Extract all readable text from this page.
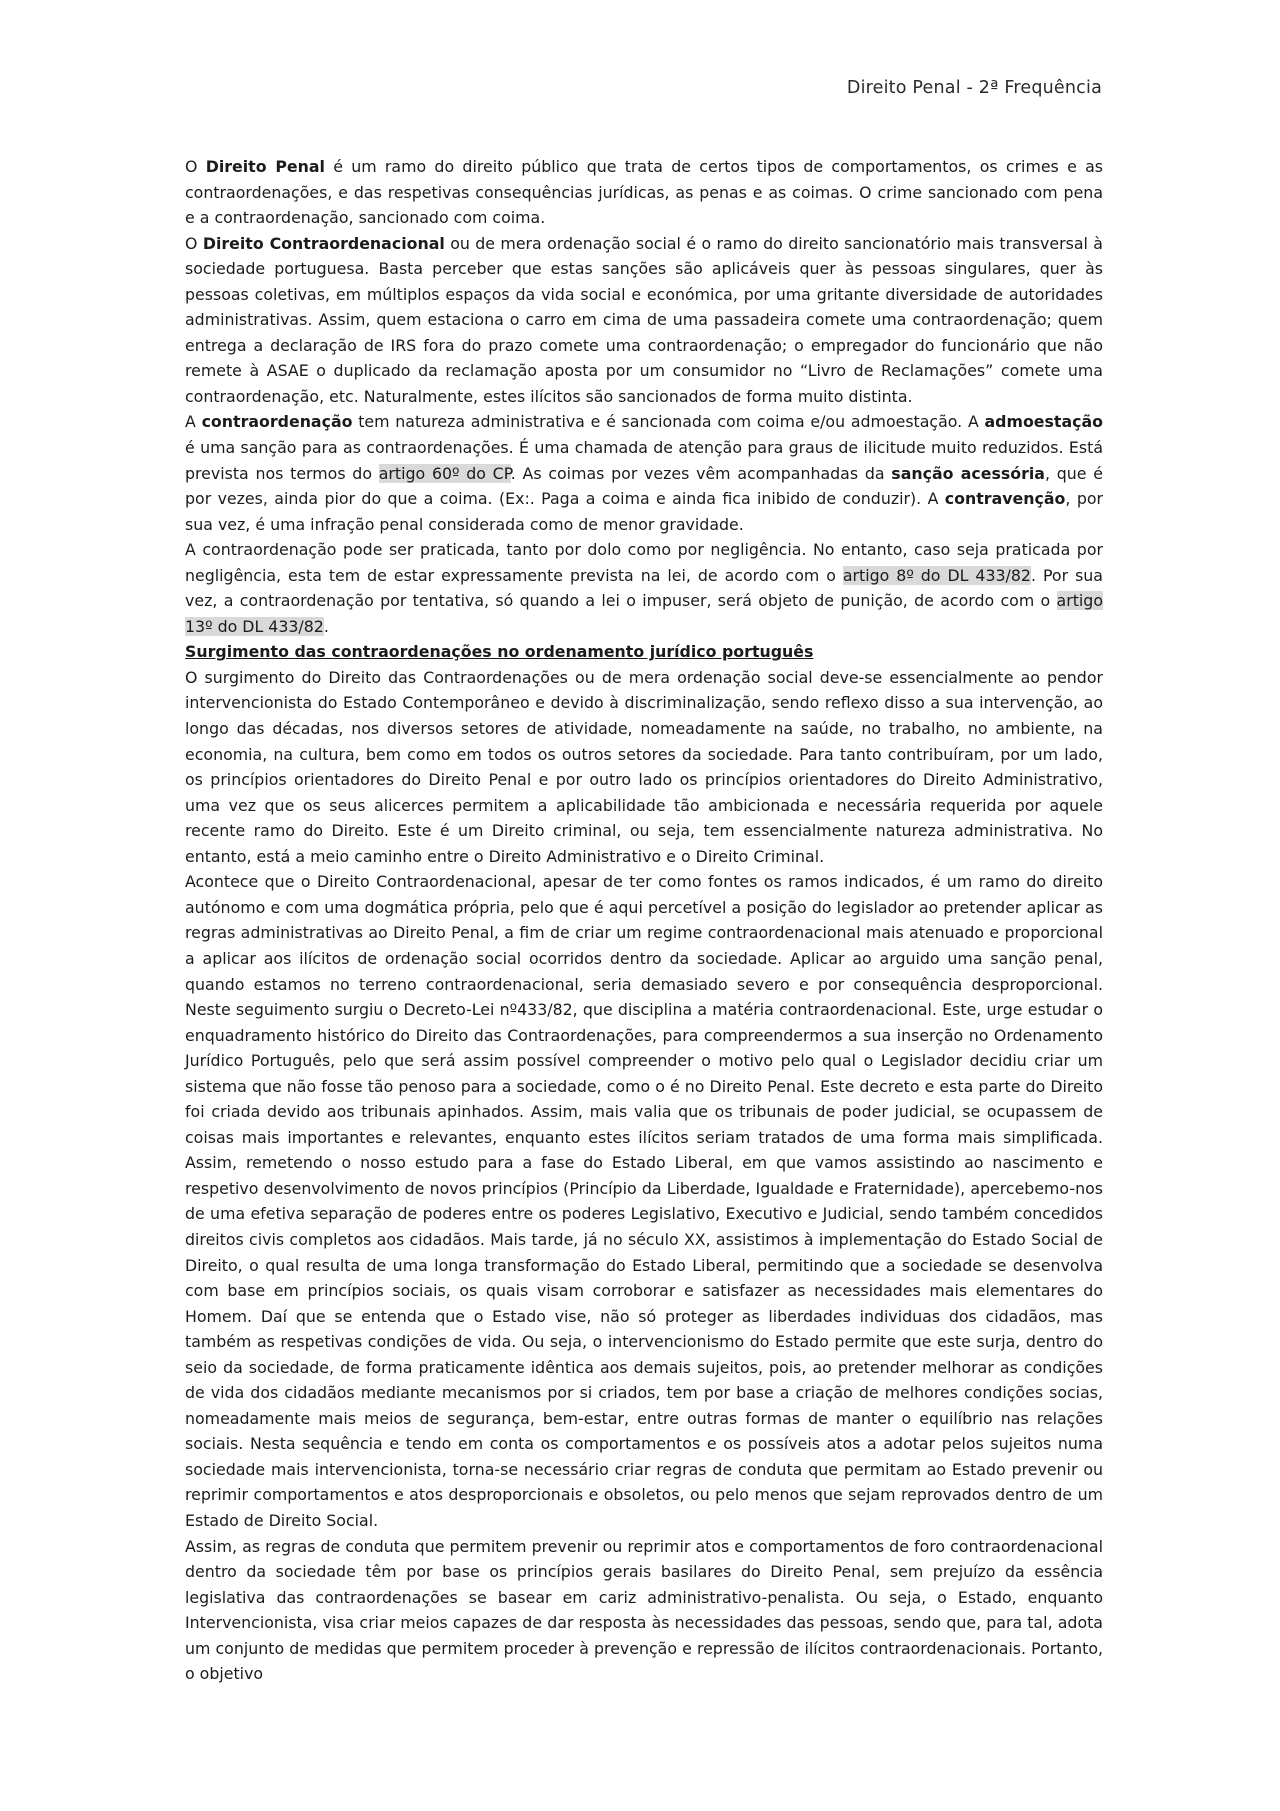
Direito Penal - 2ª Frequência

O Direito Penal é um ramo do direito público que trata de certos tipos de comportamentos, os crimes e as contraordenações, e das respetivas consequências jurídicas, as penas e as coimas. O crime sancionado com pena e a contraordenação, sancionado com coima.

O Direito Contraordenacional ou de mera ordenação social é o ramo do direito sancionatório mais transversal à sociedade portuguesa. Basta perceber que estas sanções são aplicáveis quer às pessoas singulares, quer às pessoas coletivas, em múltiplos espaços da vida social e económica, por uma gritante diversidade de autoridades administrativas. Assim, quem estaciona o carro em cima de uma passadeira comete uma contraordenação; quem entrega a declaração de IRS fora do prazo comete uma contraordenação; o empregador do funcionário que não remete à ASAE o duplicado da reclamação aposta por um consumidor no “Livro de Reclamações” comete uma contraordenação, etc. Naturalmente, estes ilícitos são sancionados de forma muito distinta.

A contraordenação tem natureza administrativa e é sancionada com coima e/ou admoestação. A admoestação é uma sanção para as contraordenações. É uma chamada de atenção para graus de ilicitude muito reduzidos. Está prevista nos termos do artigo 60º do CP. As coimas por vezes vêm acompanhadas da sanção acessória, que é por vezes, ainda pior do que a coima. (Ex:. Paga a coima e ainda fica inibido de conduzir). A contravenção, por sua vez, é uma infração penal considerada como de menor gravidade.

A contraordenação pode ser praticada, tanto por dolo como por negligência. No entanto, caso seja praticada por negligência, esta tem de estar expressamente prevista na lei, de acordo com o artigo 8º do DL 433/82. Por sua vez, a contraordenação por tentativa, só quando a lei o impuser, será objeto de punição, de acordo com o artigo 13º do DL 433/82.

Surgimento das contraordenações no ordenamento jurídico português

O surgimento do Direito das Contraordenações ou de mera ordenação social deve-se essencialmente ao pendor intervencionista do Estado Contemporâneo e devido à discriminalização, sendo reflexo disso a sua intervenção, ao longo das décadas, nos diversos setores de atividade, nomeadamente na saúde, no trabalho, no ambiente, na economia, na cultura, bem como em todos os outros setores da sociedade. Para tanto contribuíram, por um lado, os princípios orientadores do Direito Penal e por outro lado os princípios orientadores do Direito Administrativo, uma vez que os seus alicerces permitem a aplicabilidade tão ambicionada e necessária requerida por aquele recente ramo do Direito. Este é um Direito criminal, ou seja, tem essencialmente natureza administrativa. No entanto, está a meio caminho entre o Direito Administrativo e o Direito Criminal.

Acontece que o Direito Contraordenacional, apesar de ter como fontes os ramos indicados, é um ramo do direito autónomo e com uma dogmática própria, pelo que é aqui percetível a posição do legislador ao pretender aplicar as regras administrativas ao Direito Penal, a fim de criar um regime contraordenacional mais atenuado e proporcional a aplicar aos ilícitos de ordenação social ocorridos dentro da sociedade. Aplicar ao arguido uma sanção penal, quando estamos no terreno contraordenacional, seria demasiado severo e por consequência desproporcional. Neste seguimento surgiu o Decreto-Lei nº433/82, que disciplina a matéria contraordenacional. Este, urge estudar o enquadramento histórico do Direito das Contraordenações, para compreendermos a sua inserção no Ordenamento Jurídico Português, pelo que será assim possível compreender o motivo pelo qual o Legislador decidiu criar um sistema que não fosse tão penoso para a sociedade, como o é no Direito Penal. Este decreto e esta parte do Direito foi criada devido aos tribunais apinhados. Assim, mais valia que os tribunais de poder judicial, se ocupassem de coisas mais importantes e relevantes, enquanto estes ilícitos seriam tratados de uma forma mais simplificada. Assim, remetendo o nosso estudo para a fase do Estado Liberal, em que vamos assistindo ao nascimento e respetivo desenvolvimento de novos princípios (Princípio da Liberdade, Igualdade e Fraternidade), apercebemo-nos de uma efetiva separação de poderes entre os poderes Legislativo, Executivo e Judicial, sendo também concedidos direitos civis completos aos cidadãos. Mais tarde, já no século XX, assistimos à implementação do Estado Social de Direito, o qual resulta de uma longa transformação do Estado Liberal, permitindo que a sociedade se desenvolva com base em princípios sociais, os quais visam corroborar e satisfazer as necessidades mais elementares do Homem. Daí que se entenda que o Estado vise, não só proteger as liberdades individuas dos cidadãos, mas também as respetivas condições de vida. Ou seja, o intervencionismo do Estado permite que este surja, dentro do seio da sociedade, de forma praticamente idêntica aos demais sujeitos, pois, ao pretender melhorar as condições de vida dos cidadãos mediante mecanismos por si criados, tem por base a criação de melhores condições socias, nomeadamente mais meios de segurança, bem-estar, entre outras formas de manter o equilíbrio nas relações sociais. Nesta sequência e tendo em conta os comportamentos e os possíveis atos a adotar pelos sujeitos numa sociedade mais intervencionista, torna-se necessário criar regras de conduta que permitam ao Estado prevenir ou reprimir comportamentos e atos desproporcionais e obsoletos, ou pelo menos que sejam reprovados dentro de um Estado de Direito Social.

Assim, as regras de conduta que permitem prevenir ou reprimir atos e comportamentos de foro contraordenacional dentro da sociedade têm por base os princípios gerais basilares do Direito Penal, sem prejuízo da essência legislativa das contraordenações se basear em cariz administrativo-penalista. Ou seja, o Estado, enquanto Intervencionista, visa criar meios capazes de dar resposta às necessidades das pessoas, sendo que, para tal, adota um conjunto de medidas que permitem proceder à prevenção e repressão de ilícitos contraordenacionais. Portanto, o objetivo
